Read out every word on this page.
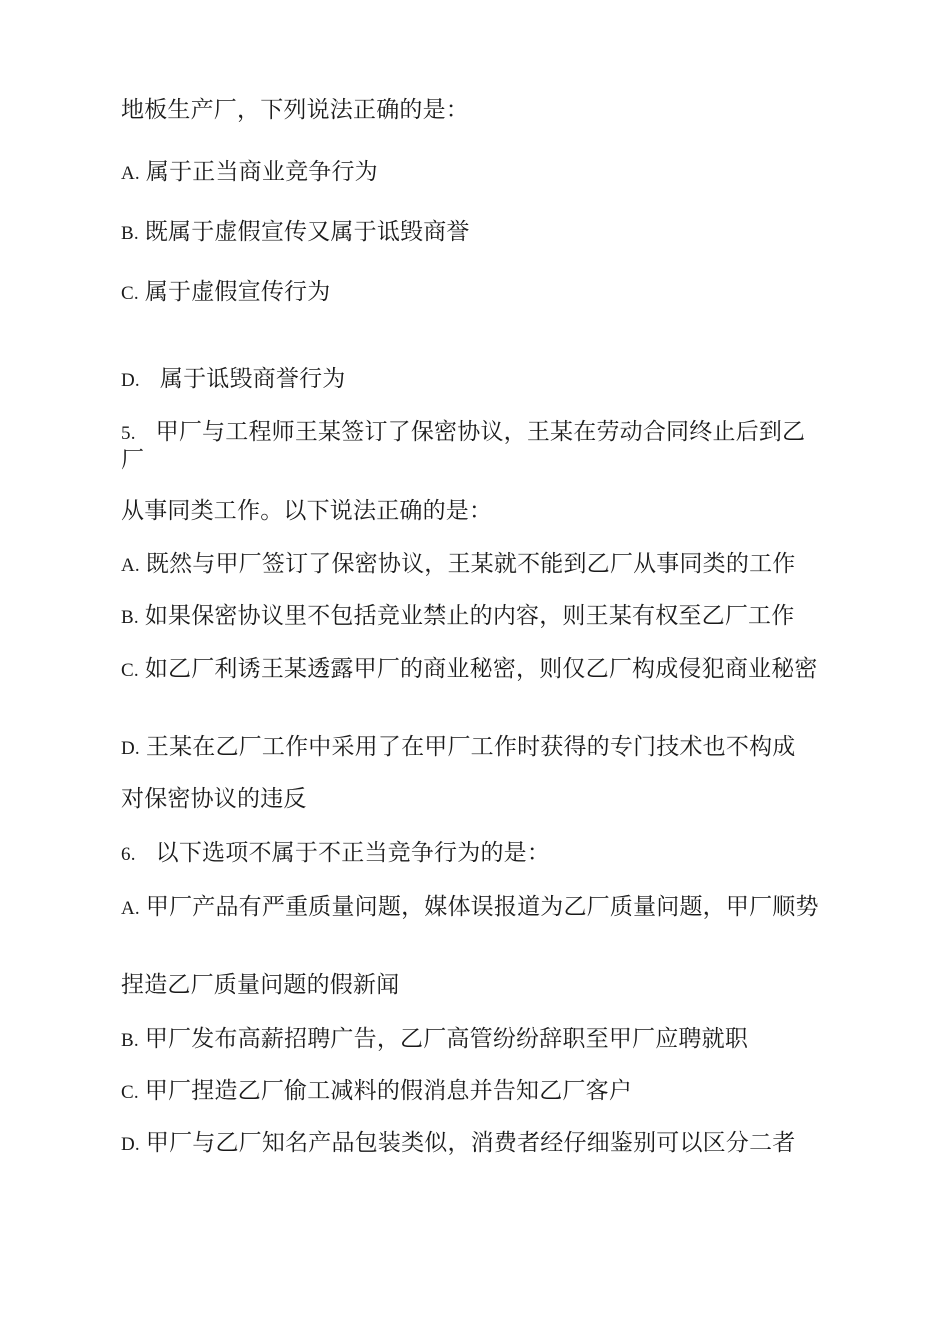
地板生产厂，下列说法正确的是：
A. 属于正当商业竞争行为
B. 既属于虚假宣传又属于诋毁商誉
C. 属于虚假宣传行为
D. 属于诋毁商誉行为
5. 甲厂与工程师王某签订了保密协议，王某在劳动合同终止后到乙厂
从事同类工作。以下说法正确的是：
A. 既然与甲厂签订了保密协议，王某就不能到乙厂从事同类的工作
B. 如果保密协议里不包括竞业禁止的内容，则王某有权至乙厂工作
C. 如乙厂利诱王某透露甲厂的商业秘密，则仅乙厂构成侵犯商业秘密
D. 王某在乙厂工作中采用了在甲厂工作时获得的专门技术也不构成
对保密协议的违反
6. 以下选项不属于不正当竞争行为的是：
A. 甲厂产品有严重质量问题，媒体误报道为乙厂质量问题，甲厂顺势
捏造乙厂质量问题的假新闻
B. 甲厂发布高薪招聘广告，乙厂高管纷纷辞职至甲厂应聘就职
C. 甲厂捏造乙厂偷工减料的假消息并告知乙厂客户
D. 甲厂与乙厂知名产品包装类似，消费者经仔细鉴别可以区分二者
